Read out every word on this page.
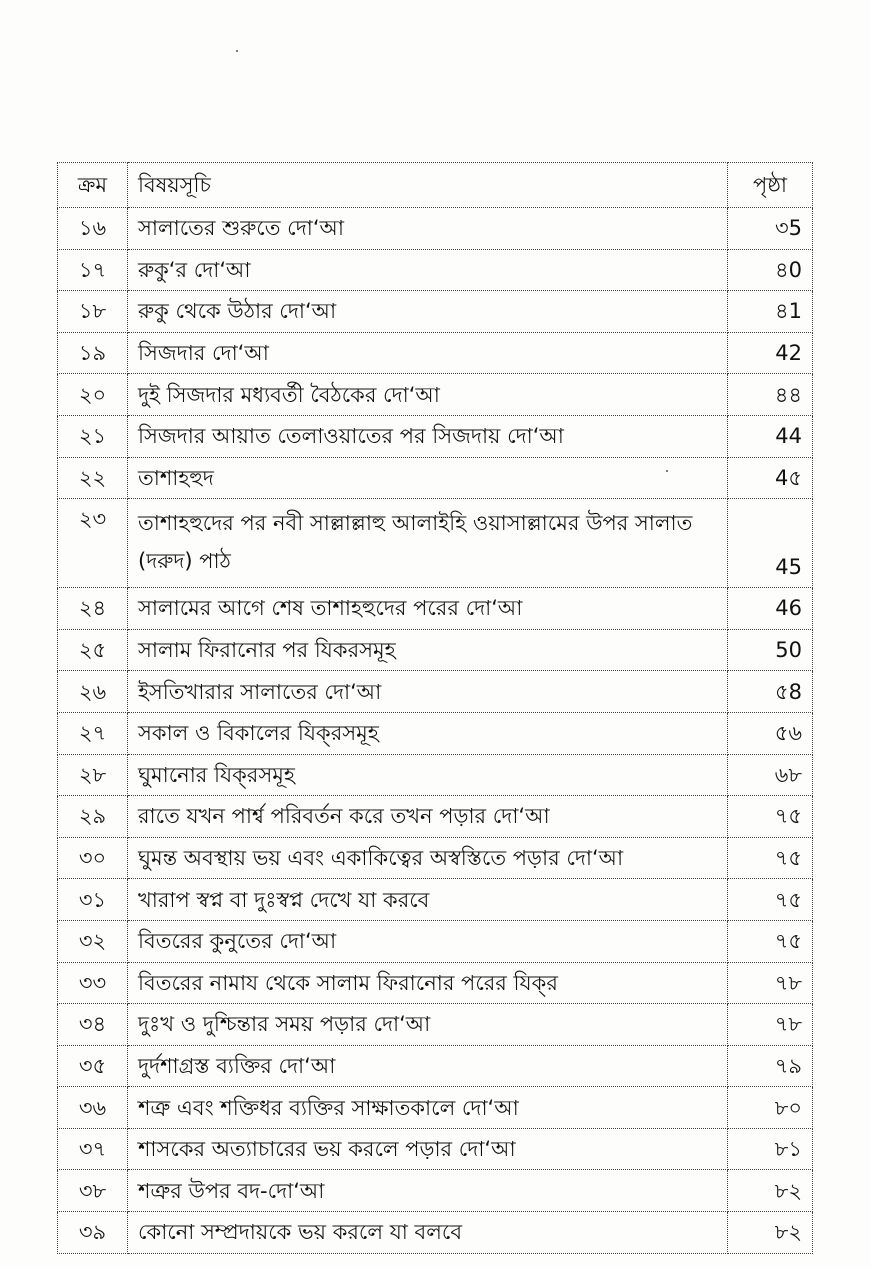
ক্রম	বিষয়সূচি	পৃষ্ঠা
১৬	সালাতের শুরুতে দো‘আ	৩5
১৭	রুকু‘র দো‘আ	৪0
১৮	রুকু থেকে উঠার দো‘আ	৪1
১৯	সিজদার দো‘আ	42
২০	দুই সিজদার মধ্যবর্তী বৈঠকের দো‘আ	৪৪
২১	সিজদার আয়াত তেলাওয়াতের পর সিজদায় দো‘আ	44
২২	তাশাহহুদ	4৫
২৩	তাশাহহুদের পর নবী সাল্লাল্লাহু আলাইহি ওয়াসাল্লামের উপর সালাত (দরুদ) পাঠ	45
২৪	সালামের আগে শেষ তাশাহহুদের পরের দো‘আ	46
২৫	সালাম ফিরানোর পর যিকরসমূহ	50
২৬	ইসতিখারার সালাতের দো‘আ	৫8
২৭	সকাল ও বিকালের যিক্‌রসমূহ	৫৬
২৮	ঘুমানোর যিক্‌রসমূহ	৬৮
২৯	রাতে যখন পার্শ্ব পরিবর্তন করে তখন পড়ার দো‘আ	৭৫
৩০	ঘুমন্ত অবস্থায় ভয় এবং একাকিত্বের অস্বস্তিতে পড়ার দো‘আ	৭৫
৩১	খারাপ স্বপ্ন বা দুঃস্বপ্ন দেখে যা করবে	৭৫
৩২	বিতরের কুনুতের দো‘আ	৭৫
৩৩	বিতরের নামায থেকে সালাম ফিরানোর পরের যিক্‌র	৭৮
৩৪	দুঃখ ও দুশ্চিন্তার সময় পড়ার দো‘আ	৭৮
৩৫	দুর্দশাগ্রস্ত ব্যক্তির দো‘আ	৭৯
৩৬	শত্রু এবং শক্তিধর ব্যক্তির সাক্ষাতকালে দো‘আ	৮০
৩৭	শাসকের অত্যাচারের ভয় করলে পড়ার দো‘আ	৮১
৩৮	শত্রুর উপর বদ-দো‘আ	৮২
৩৯	কোনো সম্প্রদায়কে ভয় করলে যা বলবে	৮২
